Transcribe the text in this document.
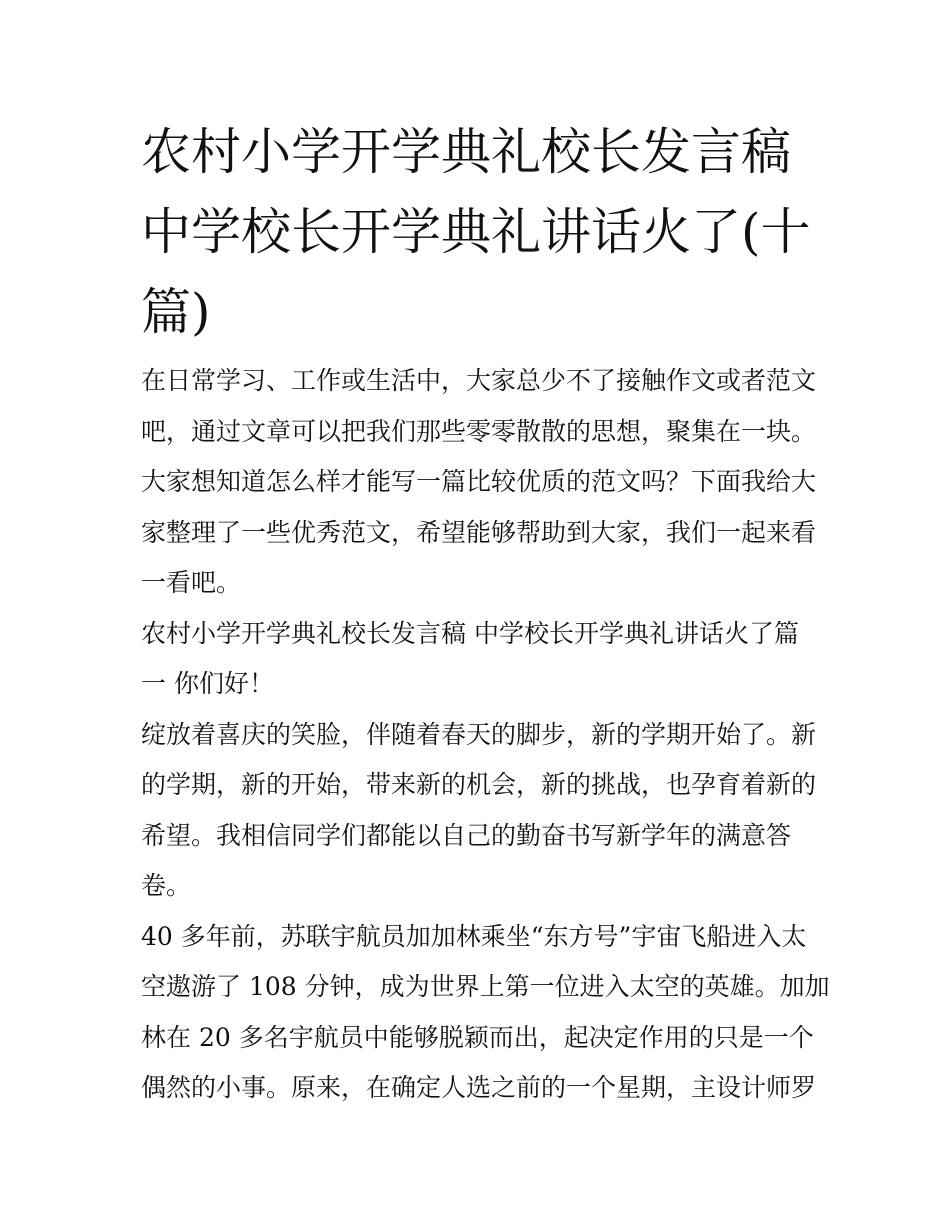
农村小学开学典礼校长发言稿
中学校长开学典礼讲话火了(十
篇)

在日常学习、工作或生活中，大家总少不了接触作文或者范文
吧，通过文章可以把我们那些零零散散的思想，聚集在一块。
大家想知道怎么样才能写一篇比较优质的范文吗？下面我给大
家整理了一些优秀范文，希望能够帮助到大家，我们一起来看
一看吧。

农村小学开学典礼校长发言稿 中学校长开学典礼讲话火了篇
一 你们好！

绽放着喜庆的笑脸，伴随着春天的脚步，新的学期开始了。新
的学期，新的开始，带来新的机会，新的挑战，也孕育着新的
希望。我相信同学们都能以自己的勤奋书写新学年的满意答
卷。

40 多年前，苏联宇航员加加林乘坐“东方号”宇宙飞船进入太
空遨游了 108 分钟，成为世界上第一位进入太空的英雄。加加
林在 20 多名宇航员中能够脱颖而出，起决定作用的只是一个
偶然的小事。原来，在确定人选之前的一个星期，主设计师罗
